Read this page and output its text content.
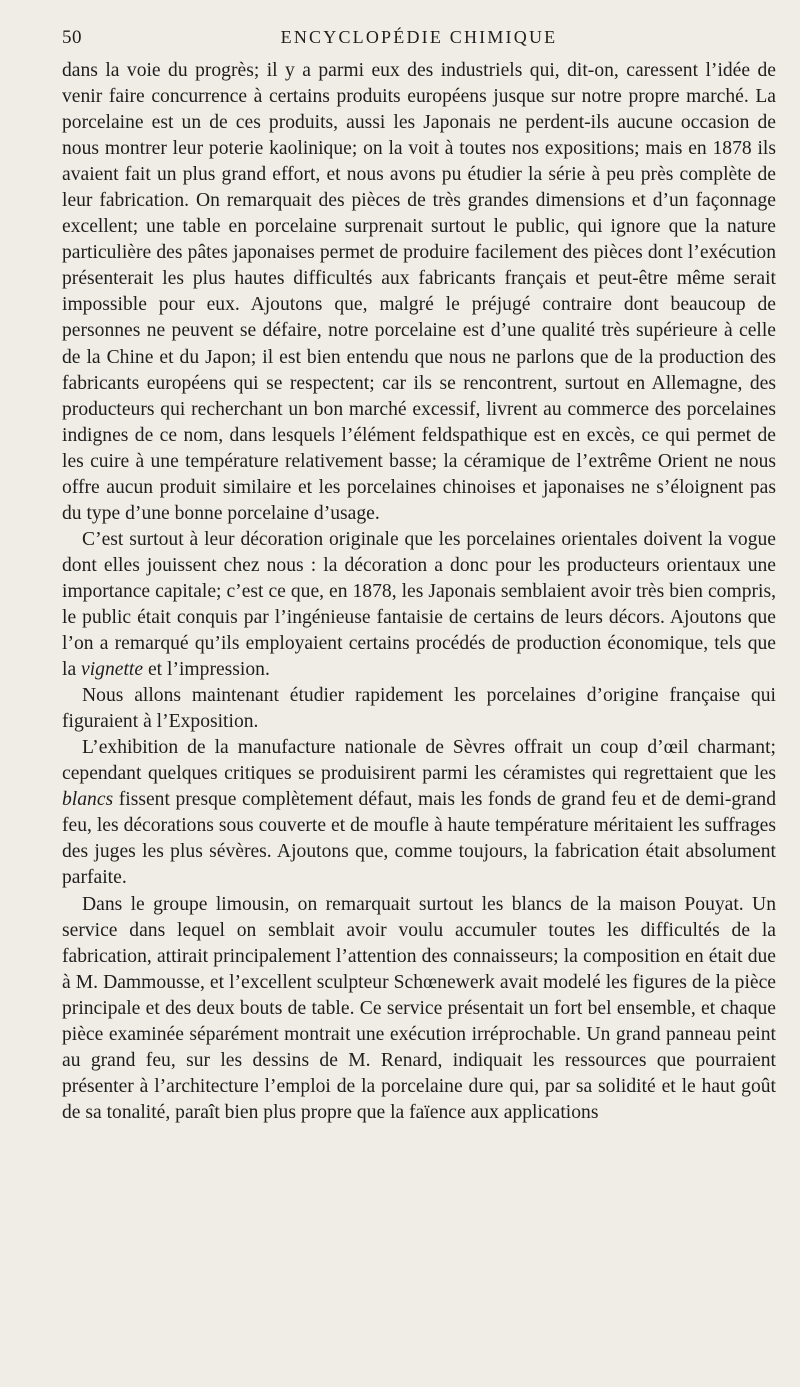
50	ENCYCLOPÉDIE CHIMIQUE

dans la voie du progrès; il y a parmi eux des industriels qui, dit-on, caressent l’idée de venir faire concurrence à certains produits européens jusque sur notre propre marché. La porcelaine est un de ces produits, aussi les Japonais ne perdent-ils aucune occasion de nous montrer leur poterie kaolinique; on la voit à toutes nos expositions; mais en 1878 ils avaient fait un plus grand effort, et nous avons pu étudier la série à peu près complète de leur fabrication. On remarquait des pièces de très grandes dimensions et d’un façonnage excellent; une table en porcelaine surprenait surtout le public, qui ignore que la nature particulière des pâtes japonaises permet de produire facilement des pièces dont l’exécution présenterait les plus hautes difficultés aux fabricants français et peut-être même serait impossible pour eux. Ajoutons que, malgré le préjugé contraire dont beaucoup de personnes ne peuvent se défaire, notre porcelaine est d’une qualité très supérieure à celle de la Chine et du Japon; il est bien entendu que nous ne parlons que de la production des fabricants européens qui se respectent; car ils se rencontrent, surtout en Allemagne, des producteurs qui recherchant un bon marché excessif, livrent au commerce des porcelaines indignes de ce nom, dans lesquels l’élément feldspathique est en excès, ce qui permet de les cuire à une température relativement basse; la céramique de l’extrême Orient ne nous offre aucun produit similaire et les porcelaines chinoises et japonaises ne s’éloignent pas du type d’une bonne porcelaine d’usage.

C’est surtout à leur décoration originale que les porcelaines orientales doivent la vogue dont elles jouissent chez nous : la décoration a donc pour les producteurs orientaux une importance capitale; c’est ce que, en 1878, les Japonais semblaient avoir très bien compris, le public était conquis par l’ingénieuse fantaisie de certains de leurs décors. Ajoutons que l’on a remarqué qu’ils employaient certains procédés de production économique, tels que la vignette et l’impression.

Nous allons maintenant étudier rapidement les porcelaines d’origine française qui figuraient à l’Exposition.

L’exhibition de la manufacture nationale de Sèvres offrait un coup d’œil charmant; cependant quelques critiques se produisirent parmi les céramistes qui regrettaient que les blancs fissent presque complètement défaut, mais les fonds de grand feu et de demi-grand feu, les décorations sous couverte et de moufle à haute température méritaient les suffrages des juges les plus sévères. Ajoutons que, comme toujours, la fabrication était absolument parfaite.

Dans le groupe limousin, on remarquait surtout les blancs de la maison Pouyat. Un service dans lequel on semblait avoir voulu accumuler toutes les difficultés de la fabrication, attirait principalement l’attention des connaisseurs; la composition en était due à M. Dammousse, et l’excellent sculpteur Schœnewerk avait modelé les figures de la pièce principale et des deux bouts de table. Ce service présentait un fort bel ensemble, et chaque pièce examinée séparément montrait une exécution irréprochable. Un grand panneau peint au grand feu, sur les dessins de M. Renard, indiquait les ressources que pourraient présenter à l’architecture l’emploi de la porcelaine dure qui, par sa solidité et le haut goût de sa tonalité, paraît bien plus propre que la faïence aux applications
